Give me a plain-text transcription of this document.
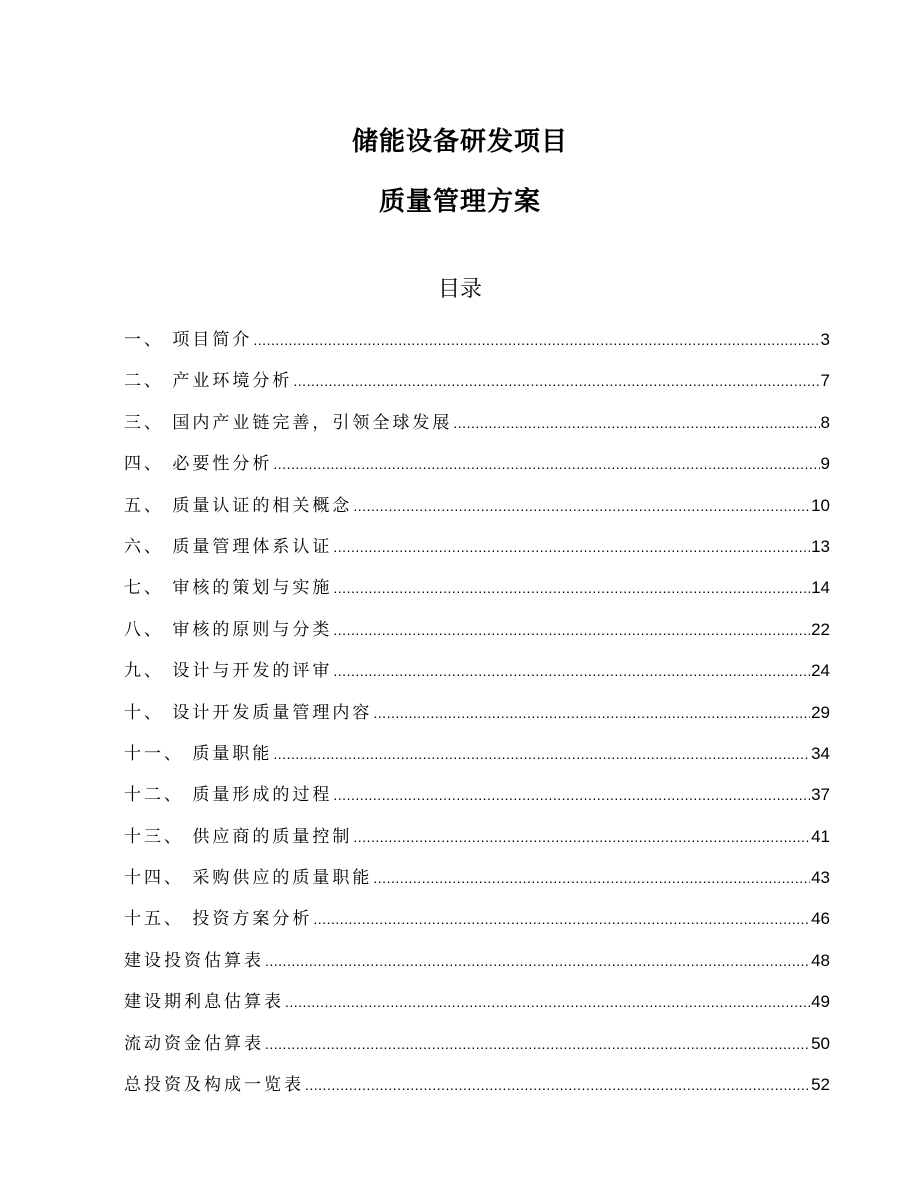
储能设备研发项目
质量管理方案
目录
一、 项目简介 .....	3
二、 产业环境分析 .....	7
三、 国内产业链完善，引领全球发展 .....	8
四、 必要性分析 .....	9
五、 质量认证的相关概念 .....	10
六、 质量管理体系认证 .....	13
七、 审核的策划与实施 .....	14
八、 审核的原则与分类 .....	22
九、 设计与开发的评审 .....	24
十、 设计开发质量管理内容 .....	29
十一、 质量职能 .....	34
十二、 质量形成的过程 .....	37
十三、 供应商的质量控制 .....	41
十四、 采购供应的质量职能 .....	43
十五、 投资方案分析 .....	46
建设投资估算表 .....	48
建设期利息估算表 .....	49
流动资金估算表 .....	50
总投资及构成一览表 .....	52
